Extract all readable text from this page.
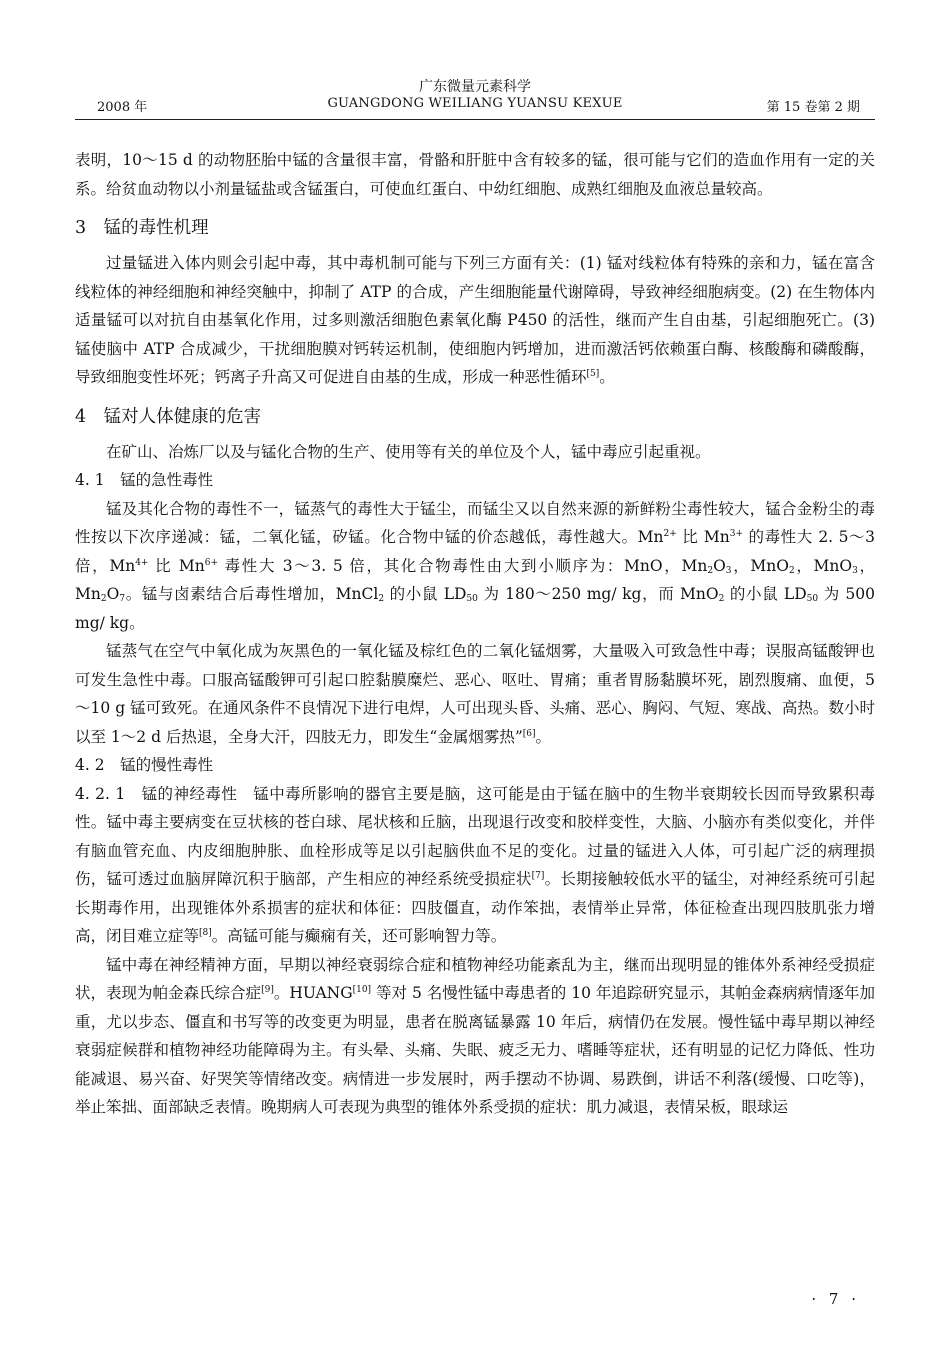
广东微量元素科学
GUANGDONG WEILIANG YUANSU KEXUE
2008 年	第 15 卷第 2 期

表明，10～15 d 的动物胚胎中锰的含量很丰富，骨骼和肝脏中含有较多的锰，很可能与它们的造血作用有一定的关系。给贫血动物以小剂量锰盐或含锰蛋白，可使血红蛋白、中幼红细胞、成熟红细胞及血液总量较高。

3　锰的毒性机理

过量锰进入体内则会引起中毒，其中毒机制可能与下列三方面有关：(1) 锰对线粒体有特殊的亲和力，锰在富含线粒体的神经细胞和神经突触中，抑制了 ATP 的合成，产生细胞能量代谢障碍，导致神经细胞病变。(2) 在生物体内适量锰可以对抗自由基氧化作用，过多则激活细胞色素氧化酶 P450 的活性，继而产生自由基，引起细胞死亡。(3) 锰使脑中 ATP 合成减少，干扰细胞膜对钙转运机制，使细胞内钙增加，进而激活钙依赖蛋白酶、核酸酶和磷酸酶，导致细胞变性坏死；钙离子升高又可促进自由基的生成，形成一种恶性循环[5]。

4　锰对人体健康的危害

在矿山、冶炼厂以及与锰化合物的生产、使用等有关的单位及个人，锰中毒应引起重视。

4. 1　锰的急性毒性

锰及其化合物的毒性不一，锰蒸气的毒性大于锰尘，而锰尘又以自然来源的新鲜粉尘毒性较大，锰合金粉尘的毒性按以下次序递减：锰，二氧化锰，矽锰。化合物中锰的价态越低，毒性越大。$Mn^{2+}$ 比 $Mn^{3+}$ 的毒性大 2. 5～3 倍，$Mn^{4+}$ 比 $Mn^{6+}$ 毒性大 3～3. 5 倍，其化合物毒性由大到小顺序为：MnO，$Mn_2O_3$，MnO$_2$，MnO$_3$，$Mn_2O_7$。锰与卤素结合后毒性增加，MnCl$_2$ 的小鼠 $LD_{50}$ 为 180～250 mg/ kg，而 MnO$_2$ 的小鼠 $LD_{50}$ 为 500 mg/ kg。

锰蒸气在空气中氧化成为灰黑色的一氧化锰及棕红色的二氧化锰烟雾，大量吸入可致急性中毒；误服高锰酸钾也可发生急性中毒。口服高锰酸钾可引起口腔黏膜糜烂、恶心、呕吐、胃痛；重者胃肠黏膜坏死，剧烈腹痛、血便，5～10 g 锰可致死。在通风条件不良情况下进行电焊，人可出现头昏、头痛、恶心、胸闷、气短、寒战、高热。数小时以至 1～2 d 后热退，全身大汗，四肢无力，即发生“金属烟雾热”[6]。

4. 2　锰的慢性毒性

4. 2. 1　锰的神经毒性　锰中毒所影响的器官主要是脑，这可能是由于锰在脑中的生物半衰期较长因而导致累积毒性。锰中毒主要病变在豆状核的苍白球、尾状核和丘脑，出现退行改变和胶样变性，大脑、小脑亦有类似变化，并伴有脑血管充血、内皮细胞肿胀、血栓形成等足以引起脑供血不足的变化。过量的锰进入人体，可引起广泛的病理损伤，锰可透过血脑屏障沉积于脑部，产生相应的神经系统受损症状[7]。长期接触较低水平的锰尘，对神经系统可引起长期毒作用，出现锥体外系损害的症状和体征：四肢僵直，动作笨拙，表情举止异常，体征检查出现四肢肌张力增高，闭目难立症等[8]。高锰可能与癫痫有关，还可影响智力等。

锰中毒在神经精神方面，早期以神经衰弱综合症和植物神经功能紊乱为主，继而出现明显的锥体外系神经受损症状，表现为帕金森氏综合症[9]。HUANG[10] 等对 5 名慢性锰中毒患者的 10 年追踪研究显示，其帕金森病病情逐年加重，尤以步态、僵直和书写等的改变更为明显，患者在脱离锰暴露 10 年后，病情仍在发展。慢性锰中毒早期以神经衰弱症候群和植物神经功能障碍为主。有头晕、头痛、失眠、疲乏无力、嗜睡等症状，还有明显的记忆力降低、性功能减退、易兴奋、好哭笑等情绪改变。病情进一步发展时，两手摆动不协调、易跌倒，讲话不利落(缓慢、口吃等)，举止笨拙、面部缺乏表情。晚期病人可表现为典型的锥体外系受损的症状：肌力减退，表情呆板，眼球运

· 7 ·
